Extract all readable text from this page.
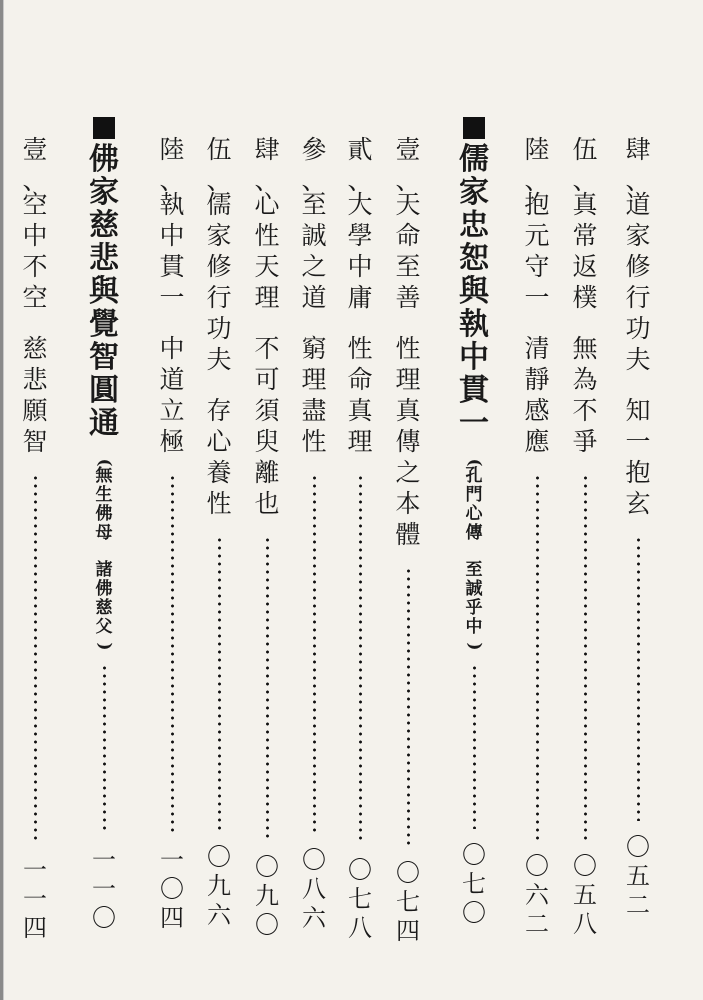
肆
、
道
家
修
行
功
夫
知
一
抱
玄
〇
五
二
伍
、
真
常
返
樸
無
為
不
爭
〇
五
八
陸
、
抱
元
守
一
清
靜
感
應
〇
六
二
儒
家
忠
恕
與
執
中
貫
一
(
孔
門
心
傳
至
誠
乎
中
)
〇
七
〇
壹
、
天
命
至
善
性
理
真
傳
之
本
體
〇
七
四
貳
、
大
學
中
庸
性
命
真
理
〇
七
八
參
、
至
誠
之
道
窮
理
盡
性
〇
八
六
肆
、
心
性
天
理
不
可
須
臾
離
也
〇
九
〇
伍
、
儒
家
修
行
功
夫
存
心
養
性
〇
九
六
陸
、
執
中
貫
一
中
道
立
極
一
〇
四
佛
家
慈
悲
與
覺
智
圓
通
(
無
生
佛
母
諸
佛
慈
父
)
一
一
〇
壹
、
空
中
不
空
慈
悲
願
智
一
一
四
